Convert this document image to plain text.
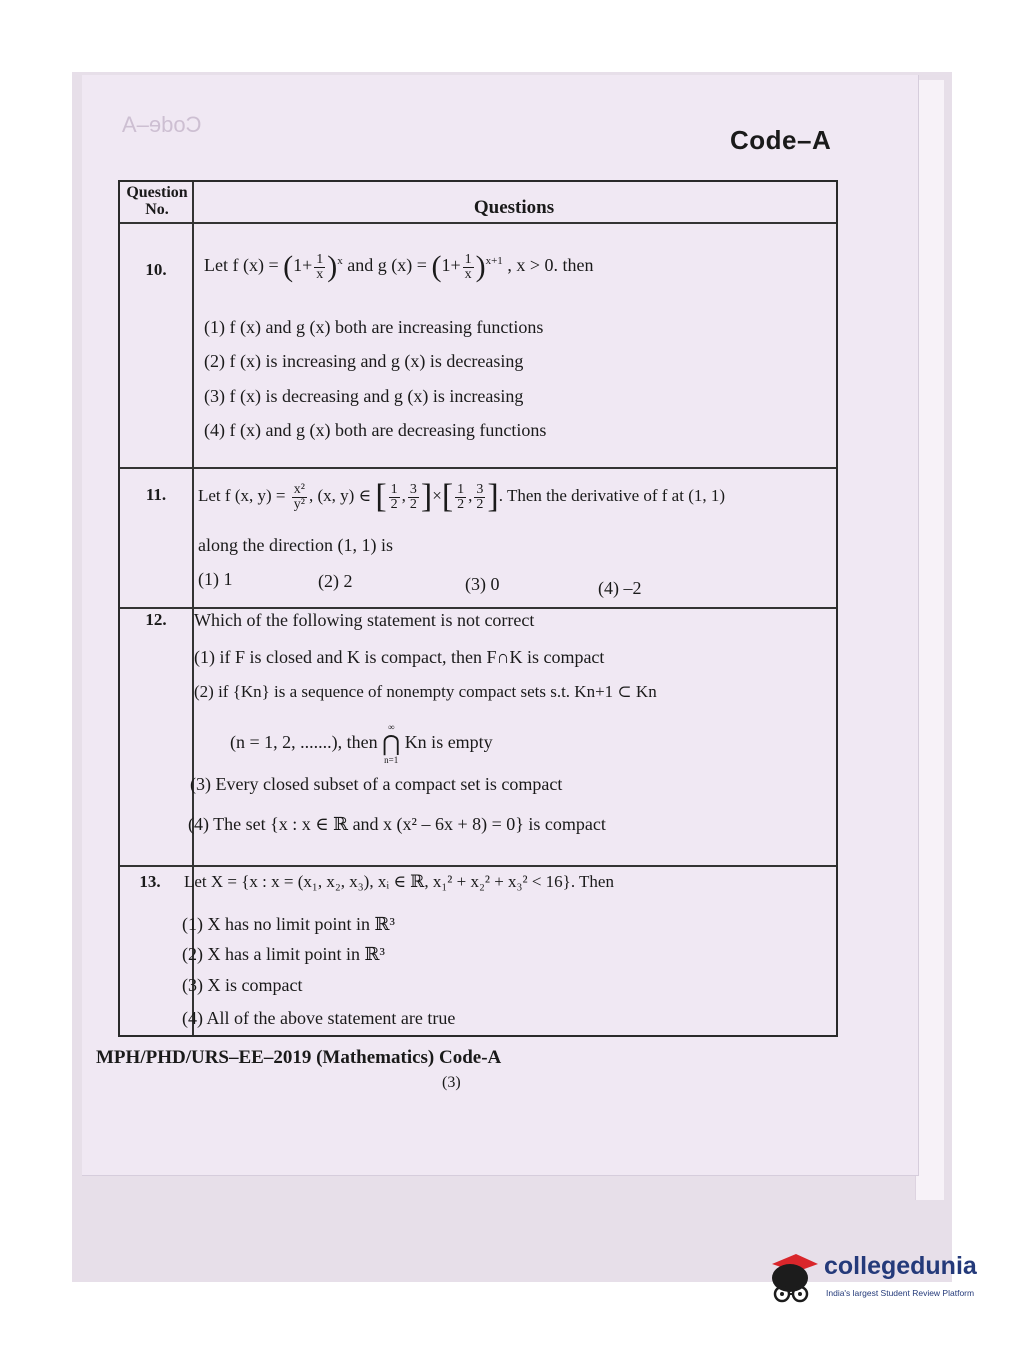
Code–A
Code–A
Question
No.	Questions
10.	Let f $(x) = (1+ \frac{1}{x} )^x$ and g $(x) = (1+ \frac{1}{x} )^{x+1}$ , x > 0. then
(1) f (x) and g (x) both are increasing functions
(2) f (x) is increasing and g (x) is decreasing
(3) f (x) is decreasing and g (x) is increasing
(4) f (x) and g (x) both are decreasing functions
11.	Let f (x, $y) = \frac{\text{x²}}{\text{y²}}$ , (x, y) ∈ [ $\frac{1}{2}$ , $\frac{3}{2}$ ]×[ $\frac{1}{2}$ , $\frac{3}{2}$ ]. Then the derivative of f at (1, 1)
along the direction (1, 1) is
(1) 1	(2) 2	(3) 0	(4) –2
12.	Which of the following statement is not correct
(1) if F is closed and K is compact, then F∩K is compact
(2) if {Kn} is a sequence of nonempty compact sets s.t. Kn+1 ⊂ Kn
(n = 1, 2, .......), then
∞
⋂
n=1
Kn is empty
(3) Every closed subset of a compact set is compact
(4) The set {x : x ∈ ℝ and x (x² – 6x + 8) = 0} is compact
13.	Let X = {x : x = (x₁, x₂, x₃), xᵢ ∈ ℝ, x₁² + x₂² + x₃² < 16}. Then
(1) X has no limit point in ℝ³
(2) X has a limit point in ℝ³
(3) X is compact
(4) All of the above statement are true
MPH/PHD/URS–EE–2019 (Mathematics) Code-A
(3)
collegedunia
India's largest Student Review Platform
